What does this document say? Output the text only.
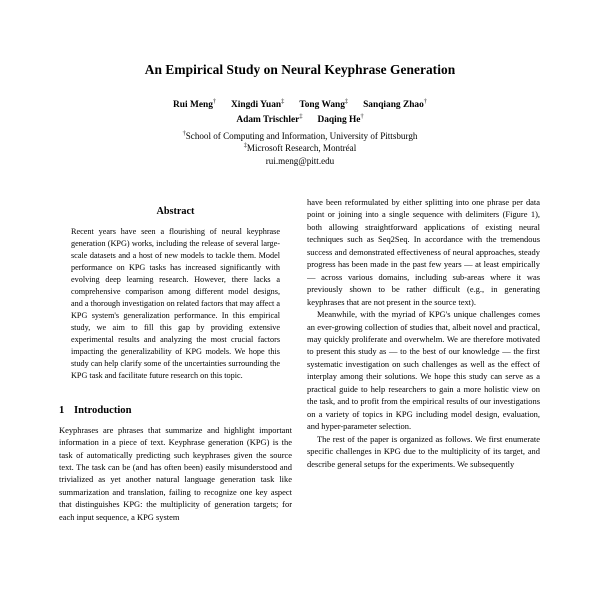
An Empirical Study on Neural Keyphrase Generation
Rui Meng† Xingdi Yuan‡ Tong Wang‡ Sanqiang Zhao†
Adam Trischler‡ Daqing He†
†School of Computing and Information, University of Pittsburgh
‡Microsoft Research, Montréal
rui.meng@pitt.edu
Abstract

Recent years have seen a flourishing of neural keyphrase generation (KPG) works, including the release of several large-scale datasets and a host of new models to tackle them. Model performance on KPG tasks has increased significantly with evolving deep learning research. However, there lacks a comprehensive comparison among different model designs, and a thorough investigation on related factors that may affect a KPG system's generalization performance. In this empirical study, we aim to fill this gap by providing extensive experimental results and analyzing the most crucial factors impacting the generalizability of KPG models. We hope this study can help clarify some of the uncertainties surrounding the KPG task and facilitate future research on this topic.

1 Introduction

Keyphrases are phrases that summarize and highlight important information in a piece of text. Keyphrase generation (KPG) is the task of automatically predicting such keyphrases given the source text. The task can be (and has often been) easily misunderstood and trivialized as yet another natural language generation task like summarization and translation, failing to recognize one key aspect that distinguishes KPG: the multiplicity of generation targets; for each input sequence, a KPG system

have been reformulated by either splitting into one phrase per data point or joining into a single sequence with delimiters (Figure 1), both allowing straightforward applications of existing neural techniques such as Seq2Seq. In accordance with the tremendous success and demonstrated effectiveness of neural approaches, steady progress has been made in the past few years — at least empirically — across various domains, including sub-areas where it was previously shown to be rather difficult (e.g., in generating keyphrases that are not present in the source text).

Meanwhile, with the myriad of KPG's unique challenges comes an ever-growing collection of studies that, albeit novel and practical, may quickly proliferate and overwhelm. We are therefore motivated to present this study as — to the best of our knowledge — the first systematic investigation on such challenges as well as the effect of interplay among their solutions. We hope this study can serve as a practical guide to help researchers to gain a more holistic view on the task, and to profit from the empirical results of our investigations on a variety of topics in KPG including model design, evaluation, and hyper-parameter selection.

The rest of the paper is organized as follows. We first enumerate specific challenges in KPG due to the multiplicity of its target, and describe general setups for the experiments. We subsequently
